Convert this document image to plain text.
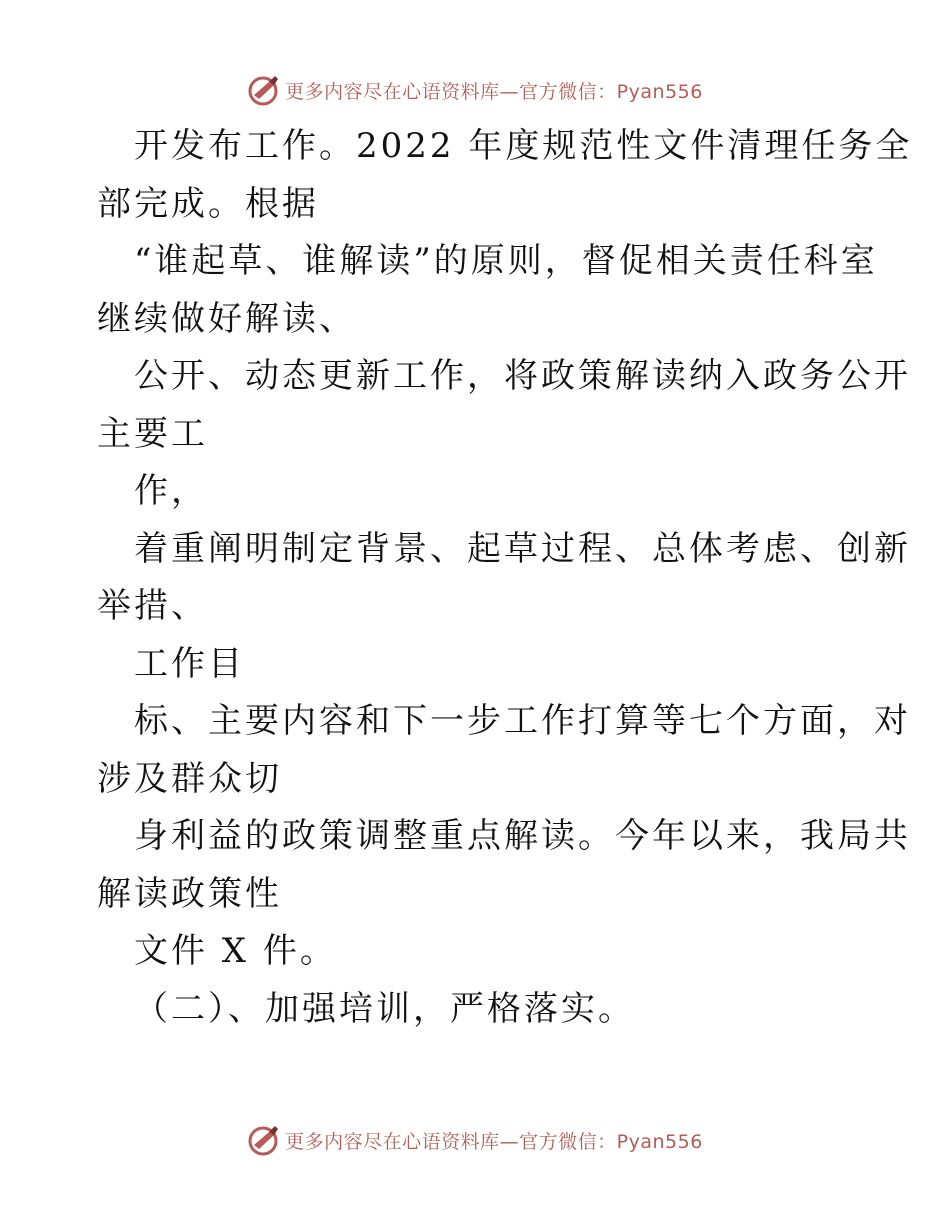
更多内容尽在心语资料库—官方微信：Pyan556
开发布工作。2022 年度规范性文件清理任务全
部完成。根据
“谁起草、谁解读”的原则，督促相关责任科室
继续做好解读、
公开、动态更新工作，将政策解读纳入政务公开
主要工
作，
着重阐明制定背景、起草过程、总体考虑、创新
举措、
工作目
标、主要内容和下一步工作打算等七个方面，对
涉及群众切
身利益的政策调整重点解读。今年以来，我局共
解读政策性
文件 X 件。
（二）、加强培训，严格落实。
更多内容尽在心语资料库—官方微信：Pyan556
